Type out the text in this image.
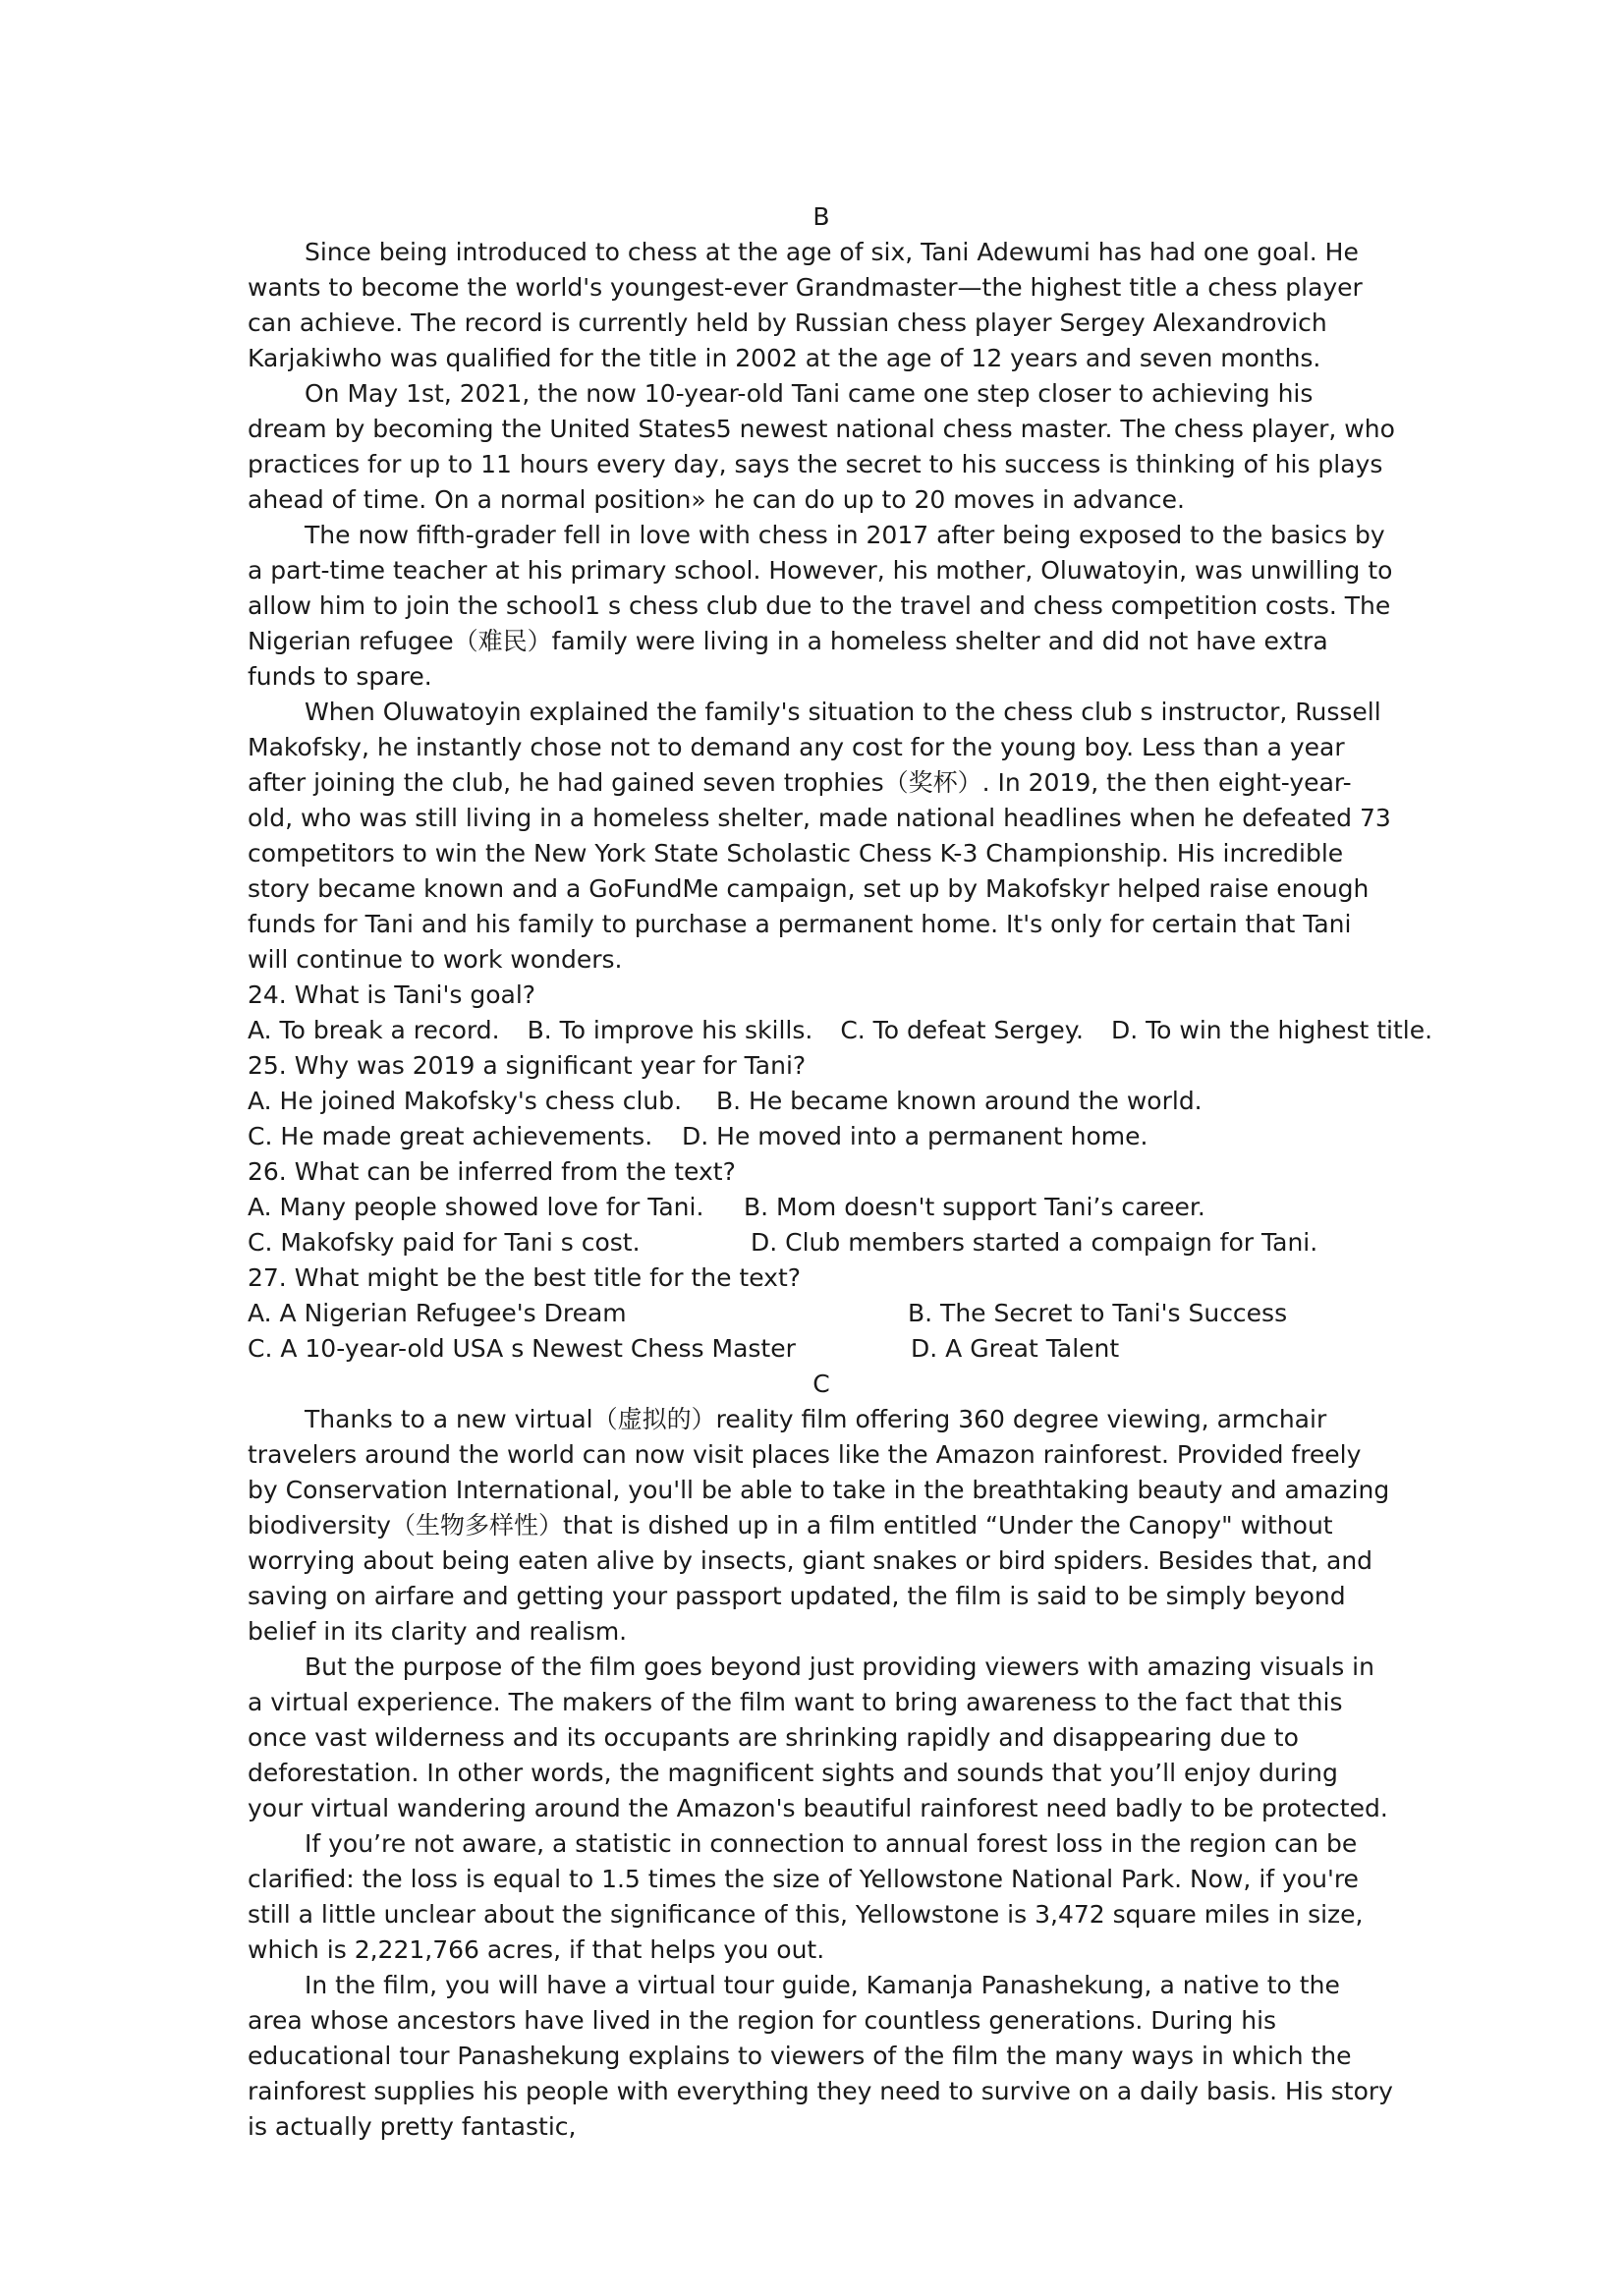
B

Since being introduced to chess at the age of six, Tani Adewumi has had one goal. He wants to become the world's youngest-ever Grandmaster—the highest title a chess player can achieve. The record is currently held by Russian chess player Sergey Alexandrovich Karjakiwho was qualified for the title in 2002 at the age of 12 years and seven months.

On May 1st, 2021, the now 10-year-old Tani came one step closer to achieving his dream by becoming the United States5 newest national chess master. The chess player, who practices for up to 11 hours every day, says the secret to his success is thinking of his plays ahead of time. On a normal position» he can do up to 20 moves in advance.

The now fifth-grader fell in love with chess in 2017 after being exposed to the basics by a part-time teacher at his primary school. However, his mother, Oluwatoyin, was unwilling to allow him to join the school1 s chess club due to the travel and chess competition costs. The Nigerian refugee（难民）family were living in a homeless shelter and did not have extra funds to spare.

When Oluwatoyin explained the family's situation to the chess club s instructor, Russell Makofsky, he instantly chose not to demand any cost for the young boy. Less than a year after joining the club, he had gained seven trophies（奖杯）. In 2019, the then eight-year-old, who was still living in a homeless shelter, made national headlines when he defeated 73 competitors to win the New York State Scholastic Chess K-3 Championship. His incredible story became known and a GoFundMe campaign, set up by Makofskyr helped raise enough funds for Tani and his family to purchase a permanent home. It's only for certain that Tani will continue to work wonders.

24. What is Tani's goal?

A. To break a record. B. To improve his skills. C. To defeat Sergey. D. To win the highest title.

25. Why was 2019 a significant year for Tani?

A. He joined Makofsky's chess club.	B. He became known around the world.
C. He made great achievements.	D. He moved into a permanent home.

26. What can be inferred from the text?

A. Many people showed love for Tani.	B. Mom doesn't support Tani’s career.
C. Makofsky paid for Tani s cost.	D. Club members started a compaign for Tani.

27. What might be the best title for the text?

A. A Nigerian Refugee's Dream	B. The Secret to Tani's Success
C. A 10-year-old USA s Newest Chess Master	D. A Great Talent

C

Thanks to a new virtual（虚拟的）reality film offering 360 degree viewing, armchair travelers around the world can now visit places like the Amazon rainforest. Provided freely by Conservation International, you'll be able to take in the breathtaking beauty and amazing biodiversity（生物多样性）that is dished up in a film entitled “Under the Canopy" without worrying about being eaten alive by insects, giant snakes or bird spiders. Besides that, and saving on airfare and getting your passport updated, the film is said to be simply beyond belief in its clarity and realism.

But the purpose of the film goes beyond just providing viewers with amazing visuals in a virtual experience. The makers of the film want to bring awareness to the fact that this once vast wilderness and its occupants are shrinking rapidly and disappearing due to deforestation. In other words, the magnificent sights and sounds that you’ll enjoy during your virtual wandering around the Amazon's beautiful rainforest need badly to be protected.

If you’re not aware, a statistic in connection to annual forest loss in the region can be clarified: the loss is equal to 1.5 times the size of Yellowstone National Park. Now, if you're still a little unclear about the significance of this, Yellowstone is 3,472 square miles in size, which is 2,221,766 acres, if that helps you out.

In the film, you will have a virtual tour guide, Kamanja Panashekung, a native to the area whose ancestors have lived in the region for countless generations. During his educational tour Panashekung explains to viewers of the film the many ways in which the rainforest supplies his people with everything they need to survive on a daily basis. His story is actually pretty fantastic,
